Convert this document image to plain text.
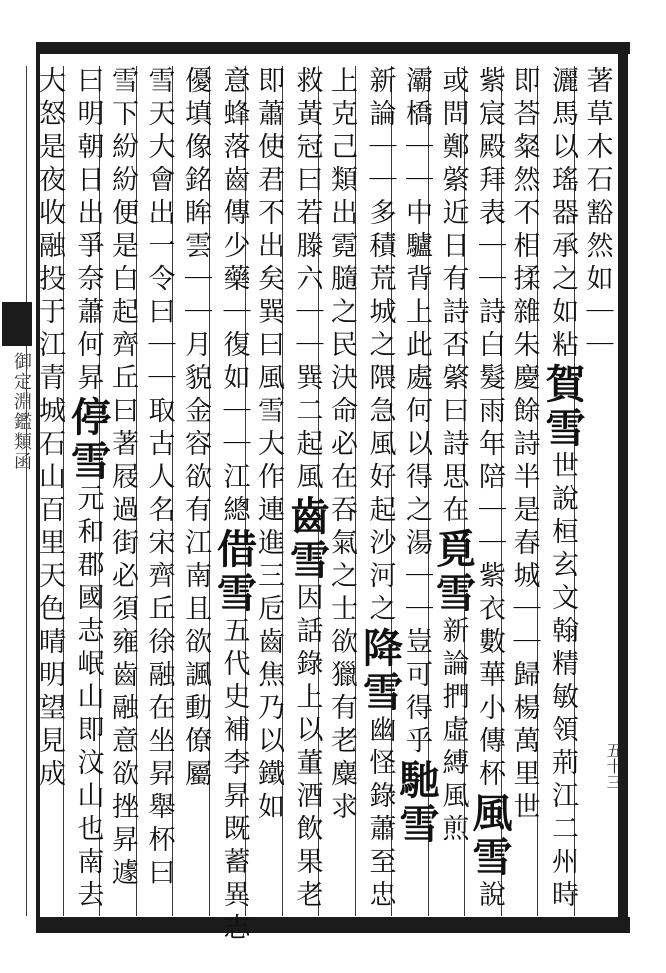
著草木石豁然如｜｜
灑馬以瑤器承之如粘賀雪世說桓玄文翰精敏領荊江二州時
即荅粲然不相揉雜朱慶餘詩半是春城｜｜歸楊萬里世
紫宸殿拜表｜｜詩白髮雨年陪｜｜紫衣數華小傳杯風雪說
或問鄭綮近日有詩否綮曰詩思在覓雪新論捫虛縛風煎
灞橋｜｜中驢背上此處何以得之湯｜｜豈可得乎馳雪
新論｜｜多積荒城之隈急風好起沙河之降雪幽怪錄蕭至忠
上克己類出霓膸之民決命必在吞氣之士欲獵有老麋求
救黃冠曰若滕六｜｜巽二起風齒雪因話錄上以董酒飲果老
即蕭使君不出矣巽曰風雪大作連進三卮齒焦乃以鐵如
意蜂落齒傳少藥｜復如｜｜江總借雪五代史補李昇既蓄異志
優填像銘眸雲｜｜月貌金容欲有江南且欲諷動僚屬
雪天大會出一令曰｜｜取古人名宋齊丘徐融在坐昇舉杯曰
雪下紛紛便是白起齊丘曰著屐過街必須雍齒融意欲挫昇遽
曰明朝日出爭奈蕭何昇停雪元和郡國志岷山即汶山也南去
大怒是夜收融投于江青城石山百里天色晴明望見成
御定淵鑑類函
五十三
